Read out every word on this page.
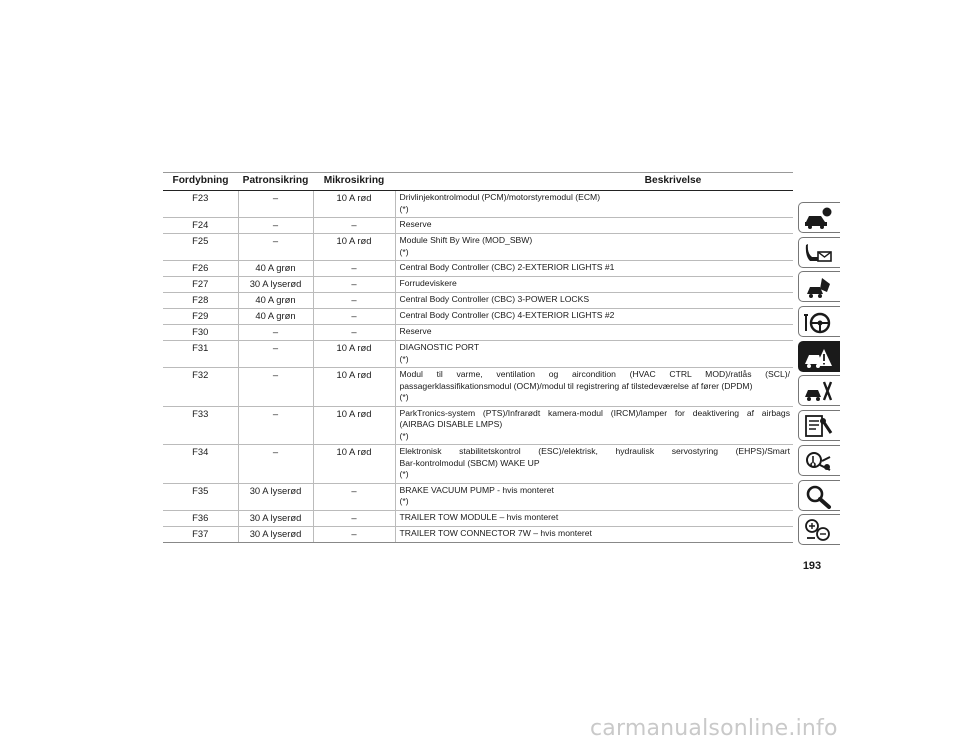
Fordybning	Patronsikring	Mikrosikring	Beskrivelse
F23	–	10 A rød	Drivlinjekontrolmodul (PCM)/motorstyremodul (ECM)
(*)

F24	–	–	Reserve

F25	–	10 A rød	Module Shift By Wire (MOD_SBW)
(*)

F26	40 A grøn	–	Central Body Controller (CBC) 2-EXTERIOR LIGHTS #1

F27	30 A lyserød	–	Forrudeviskere

F28	40 A grøn	–	Central Body Controller (CBC) 3-POWER LOCKS

F29	40 A grøn	–	Central Body Controller (CBC) 4-EXTERIOR LIGHTS #2

F30	–	–	Reserve

F31	–	10 A rød	DIAGNOSTIC PORT
(*)

F32	–	10 A rød	Modul til varme, ventilation og aircondition (HVAC CTRL MOD)/ratlås (SCL)/
passagerklassifikationsmodul (OCM)/modul til registrering af tilstedeværelse af fører (DPDM)
(*)

F33	–	10 A rød	ParkTronics-system (PTS)/Infrarødt kamera-modul (IRCM)/lamper for deaktivering af airbags
(AIRBAG DISABLE LMPS)
(*)

F34	–	10 A rød	Elektronisk stabilitetskontrol (ESC)/elektrisk, hydraulisk servostyring (EHPS)/Smart
Bar-kontrolmodul (SBCM) WAKE UP
(*)

F35	30 A lyserød	–	BRAKE VACUUM PUMP - hvis monteret
(*)

F36	30 A lyserød	–	TRAILER TOW MODULE – hvis monteret

F37	30 A lyserød	–	TRAILER TOW CONNECTOR 7W – hvis monteret
193
carmanualsonline.info
